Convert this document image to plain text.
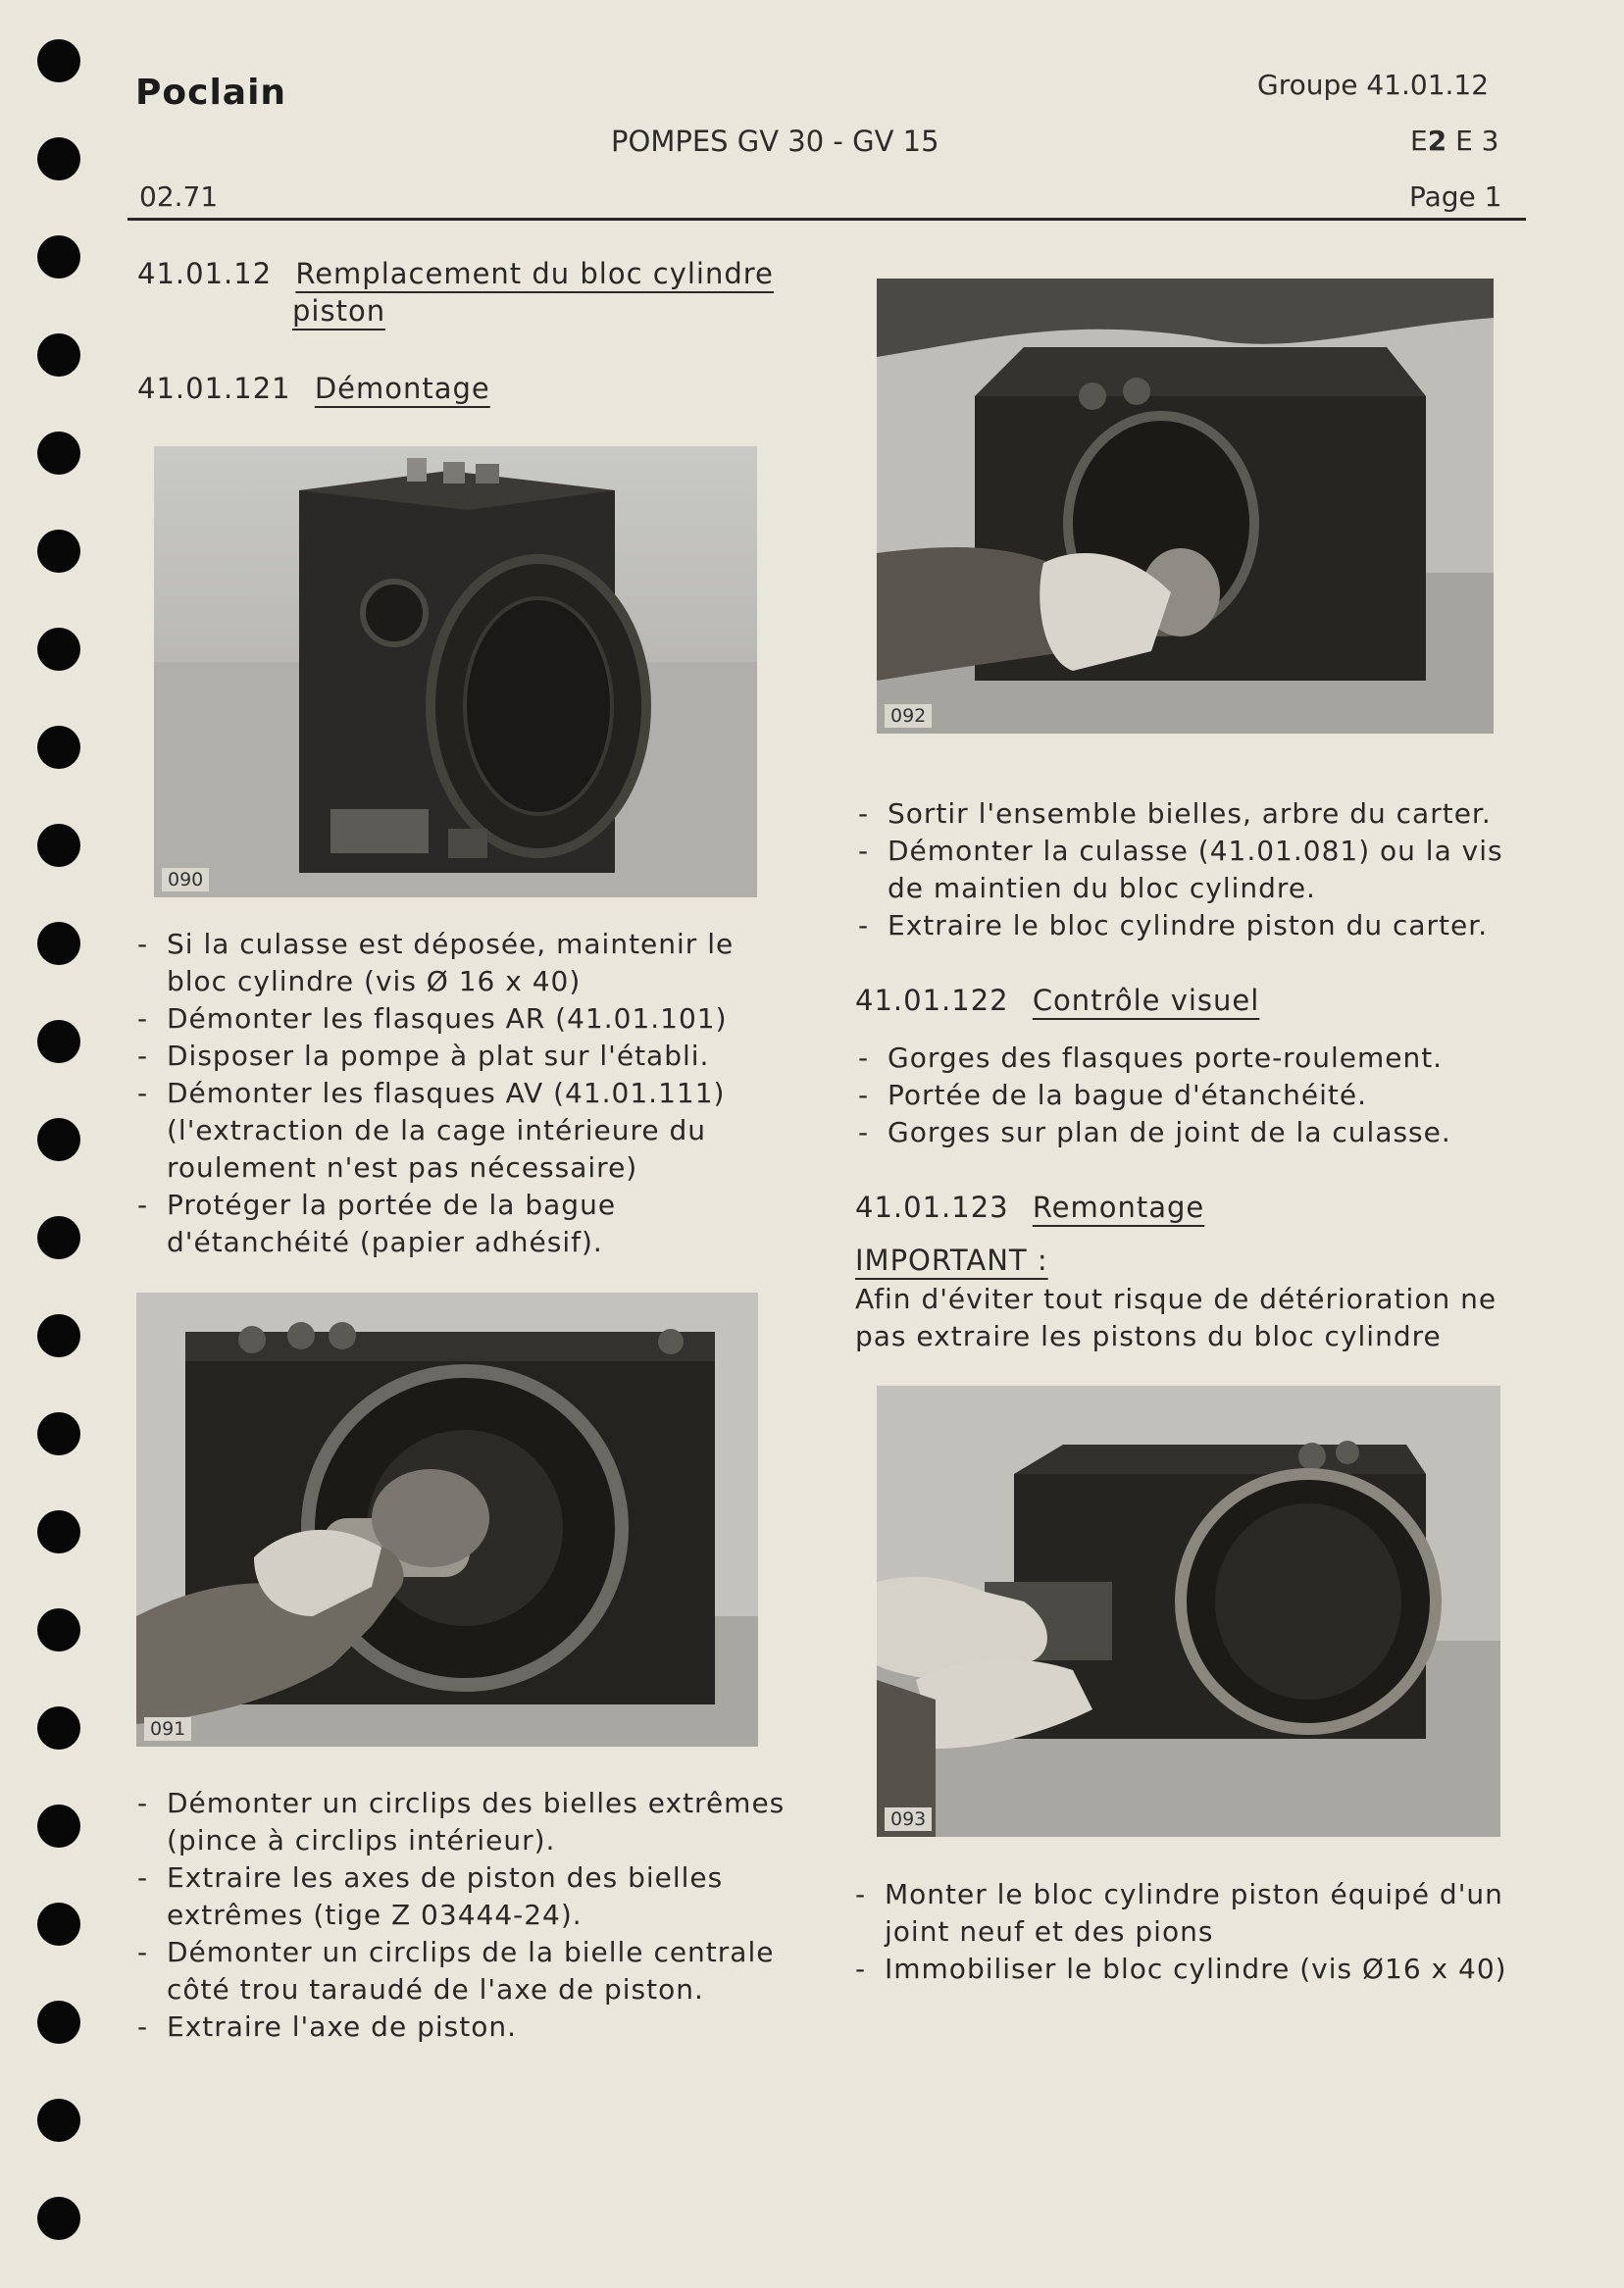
Poclain
02.71
POMPES GV 30 - GV 15
Groupe 41.01.12
E2 E 3
Page 1
41.01.12 Remplacement du bloc cylindre
piston
41.01.121 Démontage
090
- Si la culasse est déposée, maintenir le bloc cylindre (vis Ø 16 x 40)
- Démonter les flasques AR (41.01.101)
- Disposer la pompe à plat sur l'établi.
- Démonter les flasques AV (41.01.111) (l'extraction de la cage intérieure du roulement n'est pas nécessaire)
- Protéger la portée de la bague d'étanchéité (papier adhésif).
091
- Démonter un circlips des bielles extrêmes (pince à circlips intérieur).
- Extraire les axes de piston des bielles extrêmes (tige Z 03444-24).
- Démonter un circlips de la bielle centrale côté trou taraudé de l'axe de piston.
- Extraire l'axe de piston.
092
- Sortir l'ensemble bielles, arbre du carter.
- Démonter la culasse (41.01.081) ou la vis de maintien du bloc cylindre.
- Extraire le bloc cylindre piston du carter.
41.01.122 Contrôle visuel
- Gorges des flasques porte-roulement.
- Portée de la bague d'étanchéité.
- Gorges sur plan de joint de la culasse.
41.01.123 Remontage
IMPORTANT :
Afin d'éviter tout risque de détérioration ne pas extraire les pistons du bloc cylindre
093
- Monter le bloc cylindre piston équipé d'un joint neuf et des pions
- Immobiliser le bloc cylindre (vis Ø16 x 40)
